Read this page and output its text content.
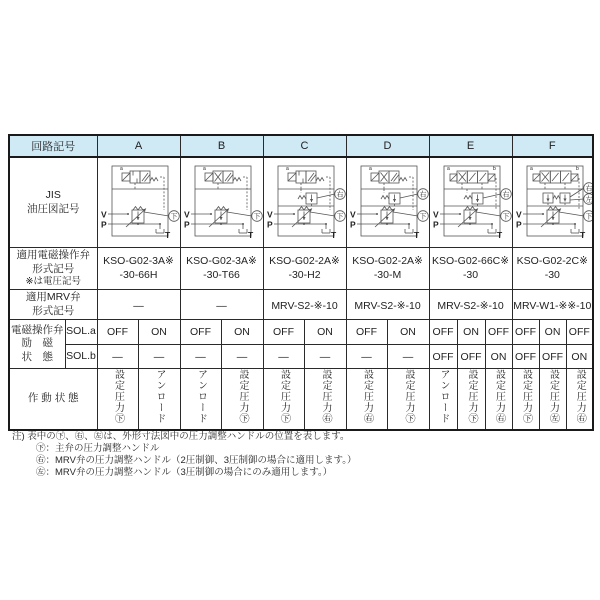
回路記号		A		B		C		D		E			F		

JIS
油圧図記号

a
V
P
T
下

a
V
P
T
下

a
V
P
T
右
下

a
V
P
T
右
下

a	b
V
P
T
右
下

a	b
V
P
T
右
左
下

適用電磁操作弁
形式記号
※は電圧記号

KSO-G02-3A※
-30-66H

KSO-G02-3A※
-30-T66

KSO-G02-2A※
-30-H2

KSO-G02-2A※
-30-M

KSO-G02-66C※
-30

KSO-G02-2C※
-30

適用MRV弁
形式記号		―		―		MRV-S2-※-10		MRV-S2-※-10		MRV-S2-※-10			MRV-W1-※※-10		

電磁操作弁
励　磁
状　態	SOL.a	OFF	ON	OFF	ON	OFF	ON	OFF	ON	OFF	ON	OFF	OFF	ON	OFF
	SOL.b	―	―	―	―	―	―	―	―	OFF	OFF	ON	OFF	OFF	ON
作 動 状 態		設定圧力㊦	アンロード	アンロード	設定圧力㊦	設定圧力㊦	設定圧力㊨	設定圧力㊨	設定圧力㊦	アンロード	設定圧力㊦	設定圧力㊨	設定圧力㊦	設定圧力㊧	設定圧力㊨
注) 表中の㊦、㊨、㊧は、外形寸法図中の圧力調整ハンドルの位置を表します。
㊦：主弁の圧力調整ハンドル
㊨：MRV弁の圧力調整ハンドル（2圧制御、3圧制御の場合に適用します。）
㊧：MRV弁の圧力調整ハンドル（3圧制御の場合にのみ適用します。）
